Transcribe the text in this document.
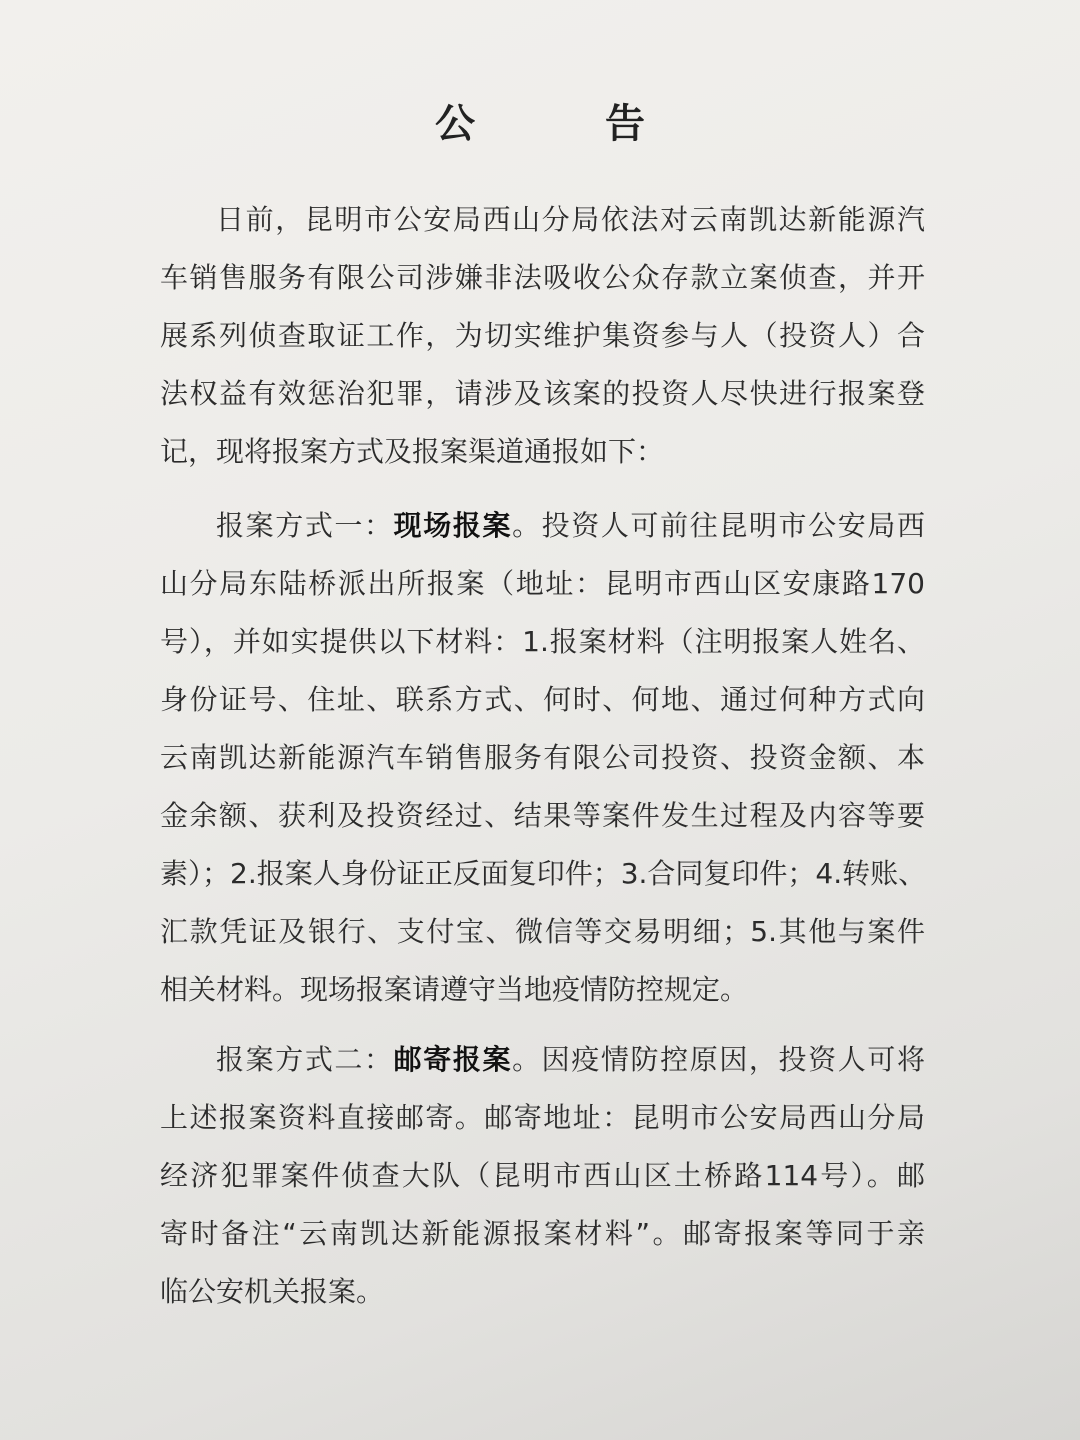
公 告
日前，昆明市公安局西山分局依法对云南凯达新能源汽
车销售服务有限公司涉嫌非法吸收公众存款立案侦查，并开
展系列侦查取证工作，为切实维护集资参与人（投资人）合
法权益有效惩治犯罪，请涉及该案的投资人尽快进行报案登
记，现将报案方式及报案渠道通报如下：
报案方式一：现场报案。投资人可前往昆明市公安局西
山分局东陆桥派出所报案（地址：昆明市西山区安康路170
号），并如实提供以下材料：1.报案材料（注明报案人姓名、
身份证号、住址、联系方式、何时、何地、通过何种方式向
云南凯达新能源汽车销售服务有限公司投资、投资金额、本
金余额、获利及投资经过、结果等案件发生过程及内容等要
素）；2.报案人身份证正反面复印件；3.合同复印件；4.转账、
汇款凭证及银行、支付宝、微信等交易明细；5.其他与案件
相关材料。现场报案请遵守当地疫情防控规定。
报案方式二：邮寄报案。因疫情防控原因，投资人可将
上述报案资料直接邮寄。邮寄地址：昆明市公安局西山分局
经济犯罪案件侦查大队（昆明市西山区土桥路114号）。邮
寄时备注“云南凯达新能源报案材料”。邮寄报案等同于亲
临公安机关报案。
